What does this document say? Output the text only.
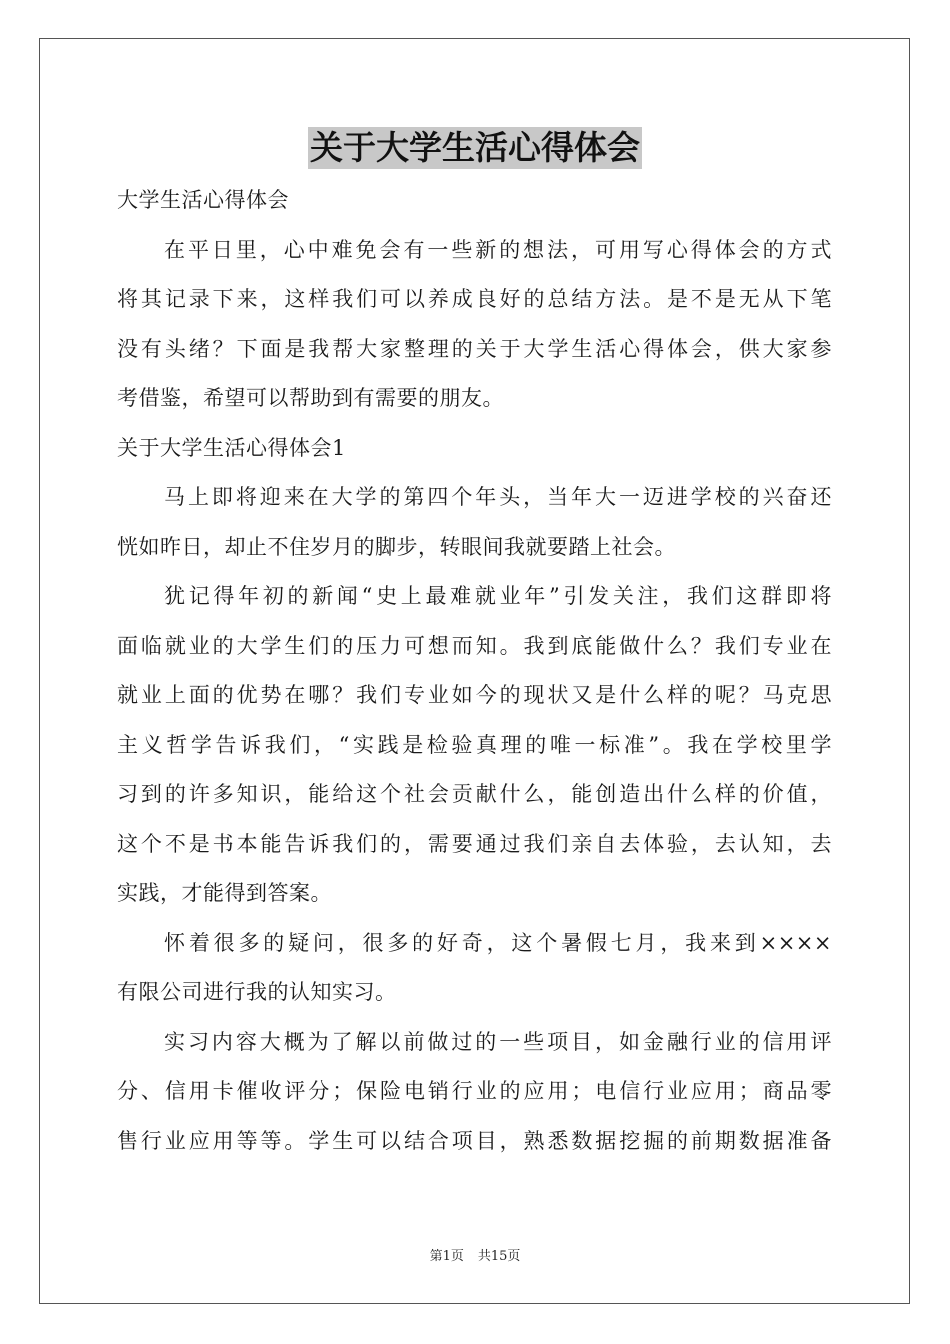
关于大学生活心得体会
大学生活心得体会
在平日里，心中难免会有一些新的想法，可用写心得体会的方式
将其记录下来，这样我们可以养成良好的总结方法。是不是无从下笔
没有头绪？下面是我帮大家整理的关于大学生活心得体会，供大家参
考借鉴，希望可以帮助到有需要的朋友。
关于大学生活心得体会1
马上即将迎来在大学的第四个年头，当年大一迈进学校的兴奋还
恍如昨日，却止不住岁月的脚步，转眼间我就要踏上社会。
犹记得年初的新闻“史上最难就业年”引发关注，我们这群即将
面临就业的大学生们的压力可想而知。我到底能做什么？我们专业在
就业上面的优势在哪？我们专业如今的现状又是什么样的呢？马克思
主义哲学告诉我们，“实践是检验真理的唯一标准”。我在学校里学
习到的许多知识，能给这个社会贡献什么，能创造出什么样的价值，
这个不是书本能告诉我们的，需要通过我们亲自去体验，去认知，去
实践，才能得到答案。
怀着很多的疑问，很多的好奇，这个暑假七月，我来到××××
有限公司进行我的认知实习。
实习内容大概为了解以前做过的一些项目，如金融行业的信用评
分、信用卡催收评分；保险电销行业的应用；电信行业应用；商品零
售行业应用等等。学生可以结合项目，熟悉数据挖掘的前期数据准备
第1页 共15页
